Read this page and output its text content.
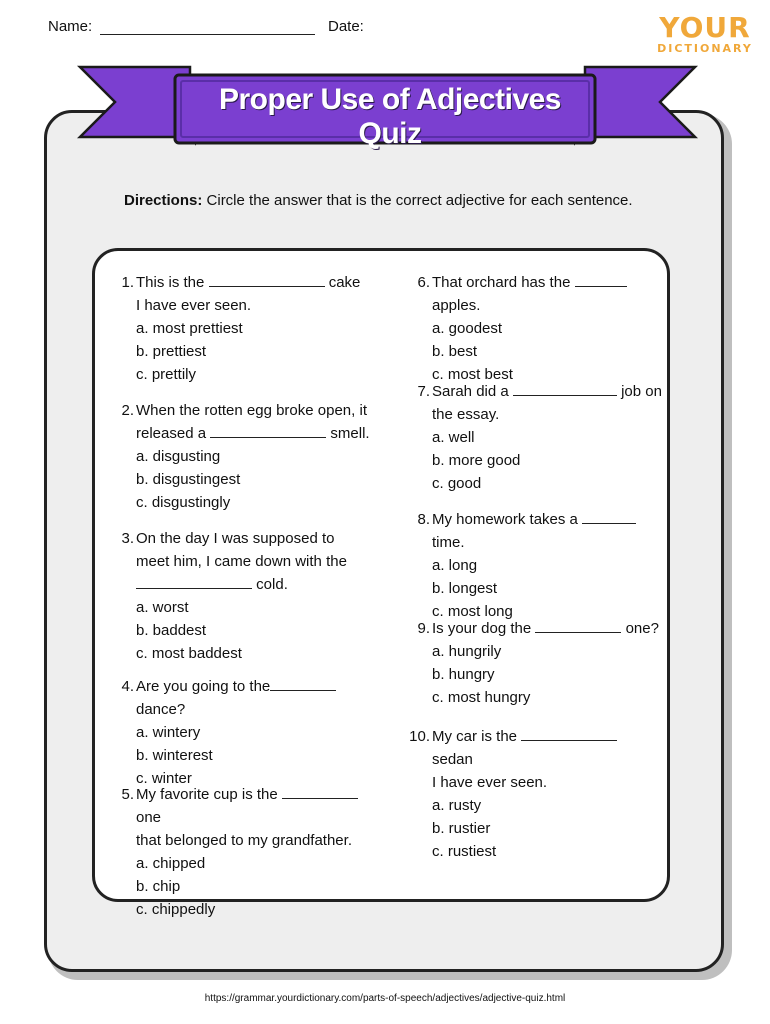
Name:	Date:	YOUR
DICTIONARY
Proper Use of Adjectives Quiz
Directions: Circle the answer that is the correct adjective for each sentence.
1. This is the	cake
I have ever seen.
a. most prettiest
b. prettiest
c. prettily
2. When the rotten egg broke open, it
released a	smell.
a. disgusting
b. disgustingest
c. disgustingly
3. On the day I was supposed to
meet him, I came down with the
cold.
a. worst
b. baddest
c. most baddest
4. Are you going to the dance?
a. wintery
b. winterest
c. winter
5. My favorite cup is the  one
that belonged to my grandfather.
a. chipped
b. chip
c. chippedly
6. That orchard has the  apples.
a. goodest
b. best
c. most best
7. Sarah did a	job on
the essay.
a. well
b. more good
c. good
8. My homework takes a  time.
a. long
b. longest
c. most long
9. Is your dog the	one?
a. hungrily
b. hungry
c. most hungry
10. My car is the  sedan
I have ever seen.
a. rusty
b. rustier
c. rustiest
https://grammar.yourdictionary.com/parts-of-speech/adjectives/adjective-quiz.html
